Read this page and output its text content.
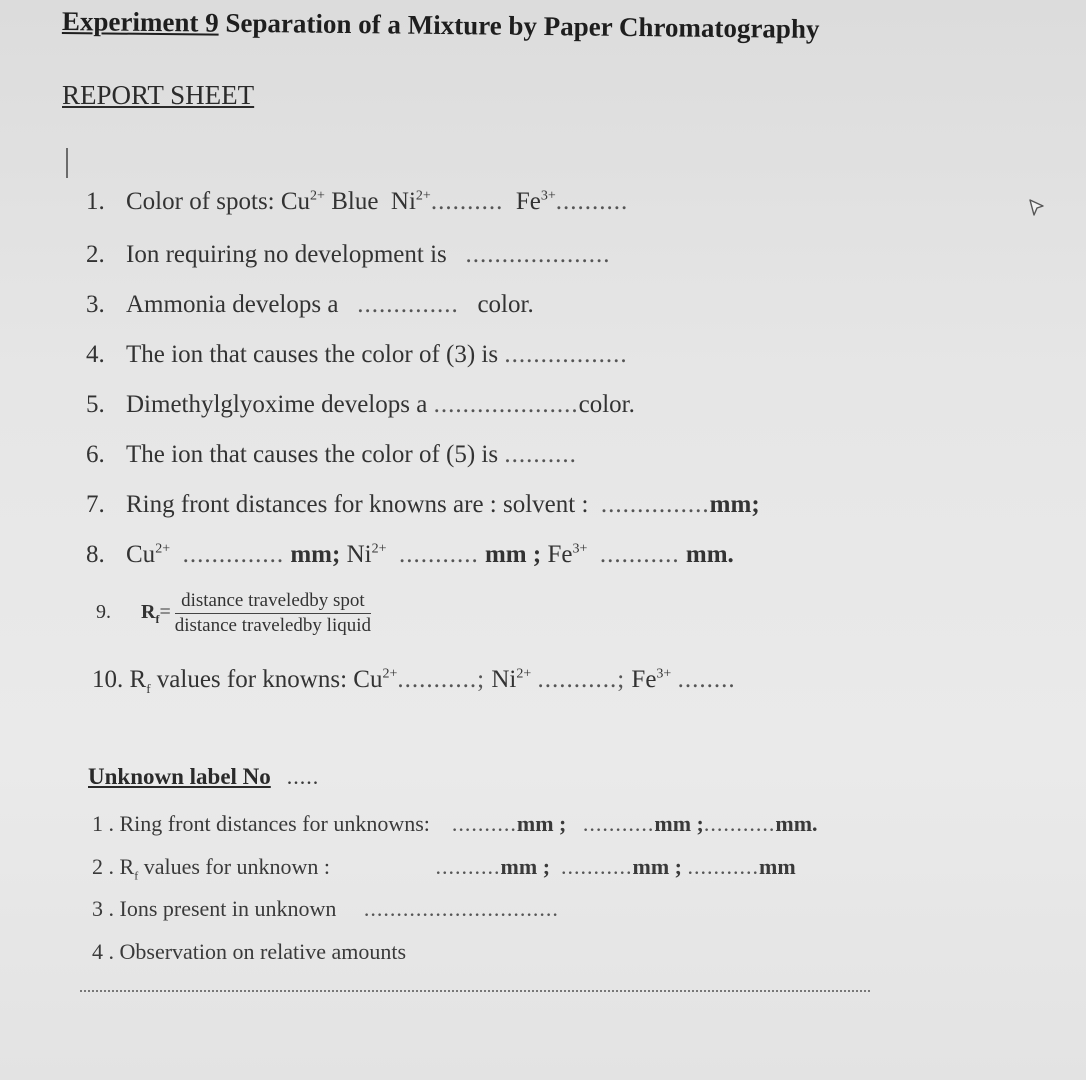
Experiment 9 Separation of a Mixture by Paper Chromatography
REPORT SHEET
1. Color of spots: $Cu^{2+}$ Blue $Ni^{2+}$.......... $Fe^{3+}$..........
2. Ion requiring no development is ....................
3. Ammonia develops a .............. color.
4. The ion that causes the color of (3) is .................
5. Dimethylglyoxime develops a ....................color.
6. The ion that causes the color of (5) is ..........
7. Ring front distances for knowns are : solvent : ...............mm;
8. $Cu^{2+}$ .............. mm; $Ni^{2+}$ ........... mm ; $Fe^{3+}$ ........... mm.
9. $R_f= \frac{\text{distance traveledby spot}}{\text{distance traveledby liquid}}$
10. $R_f$ values for knowns: $Cu^{2+}$...........; $Ni^{2+}$ ...........; $Fe^{3+}$ ........
Unknown label No .....
1 . Ring front distances for unknowns: ..........mm ; ...........mm ;...........mm.
2 . $R_f$ values for unknown :	..........mm ; ...........mm ; ...........mm
3 . Ions present in unknown ..............................
4 . Observation on relative amounts
